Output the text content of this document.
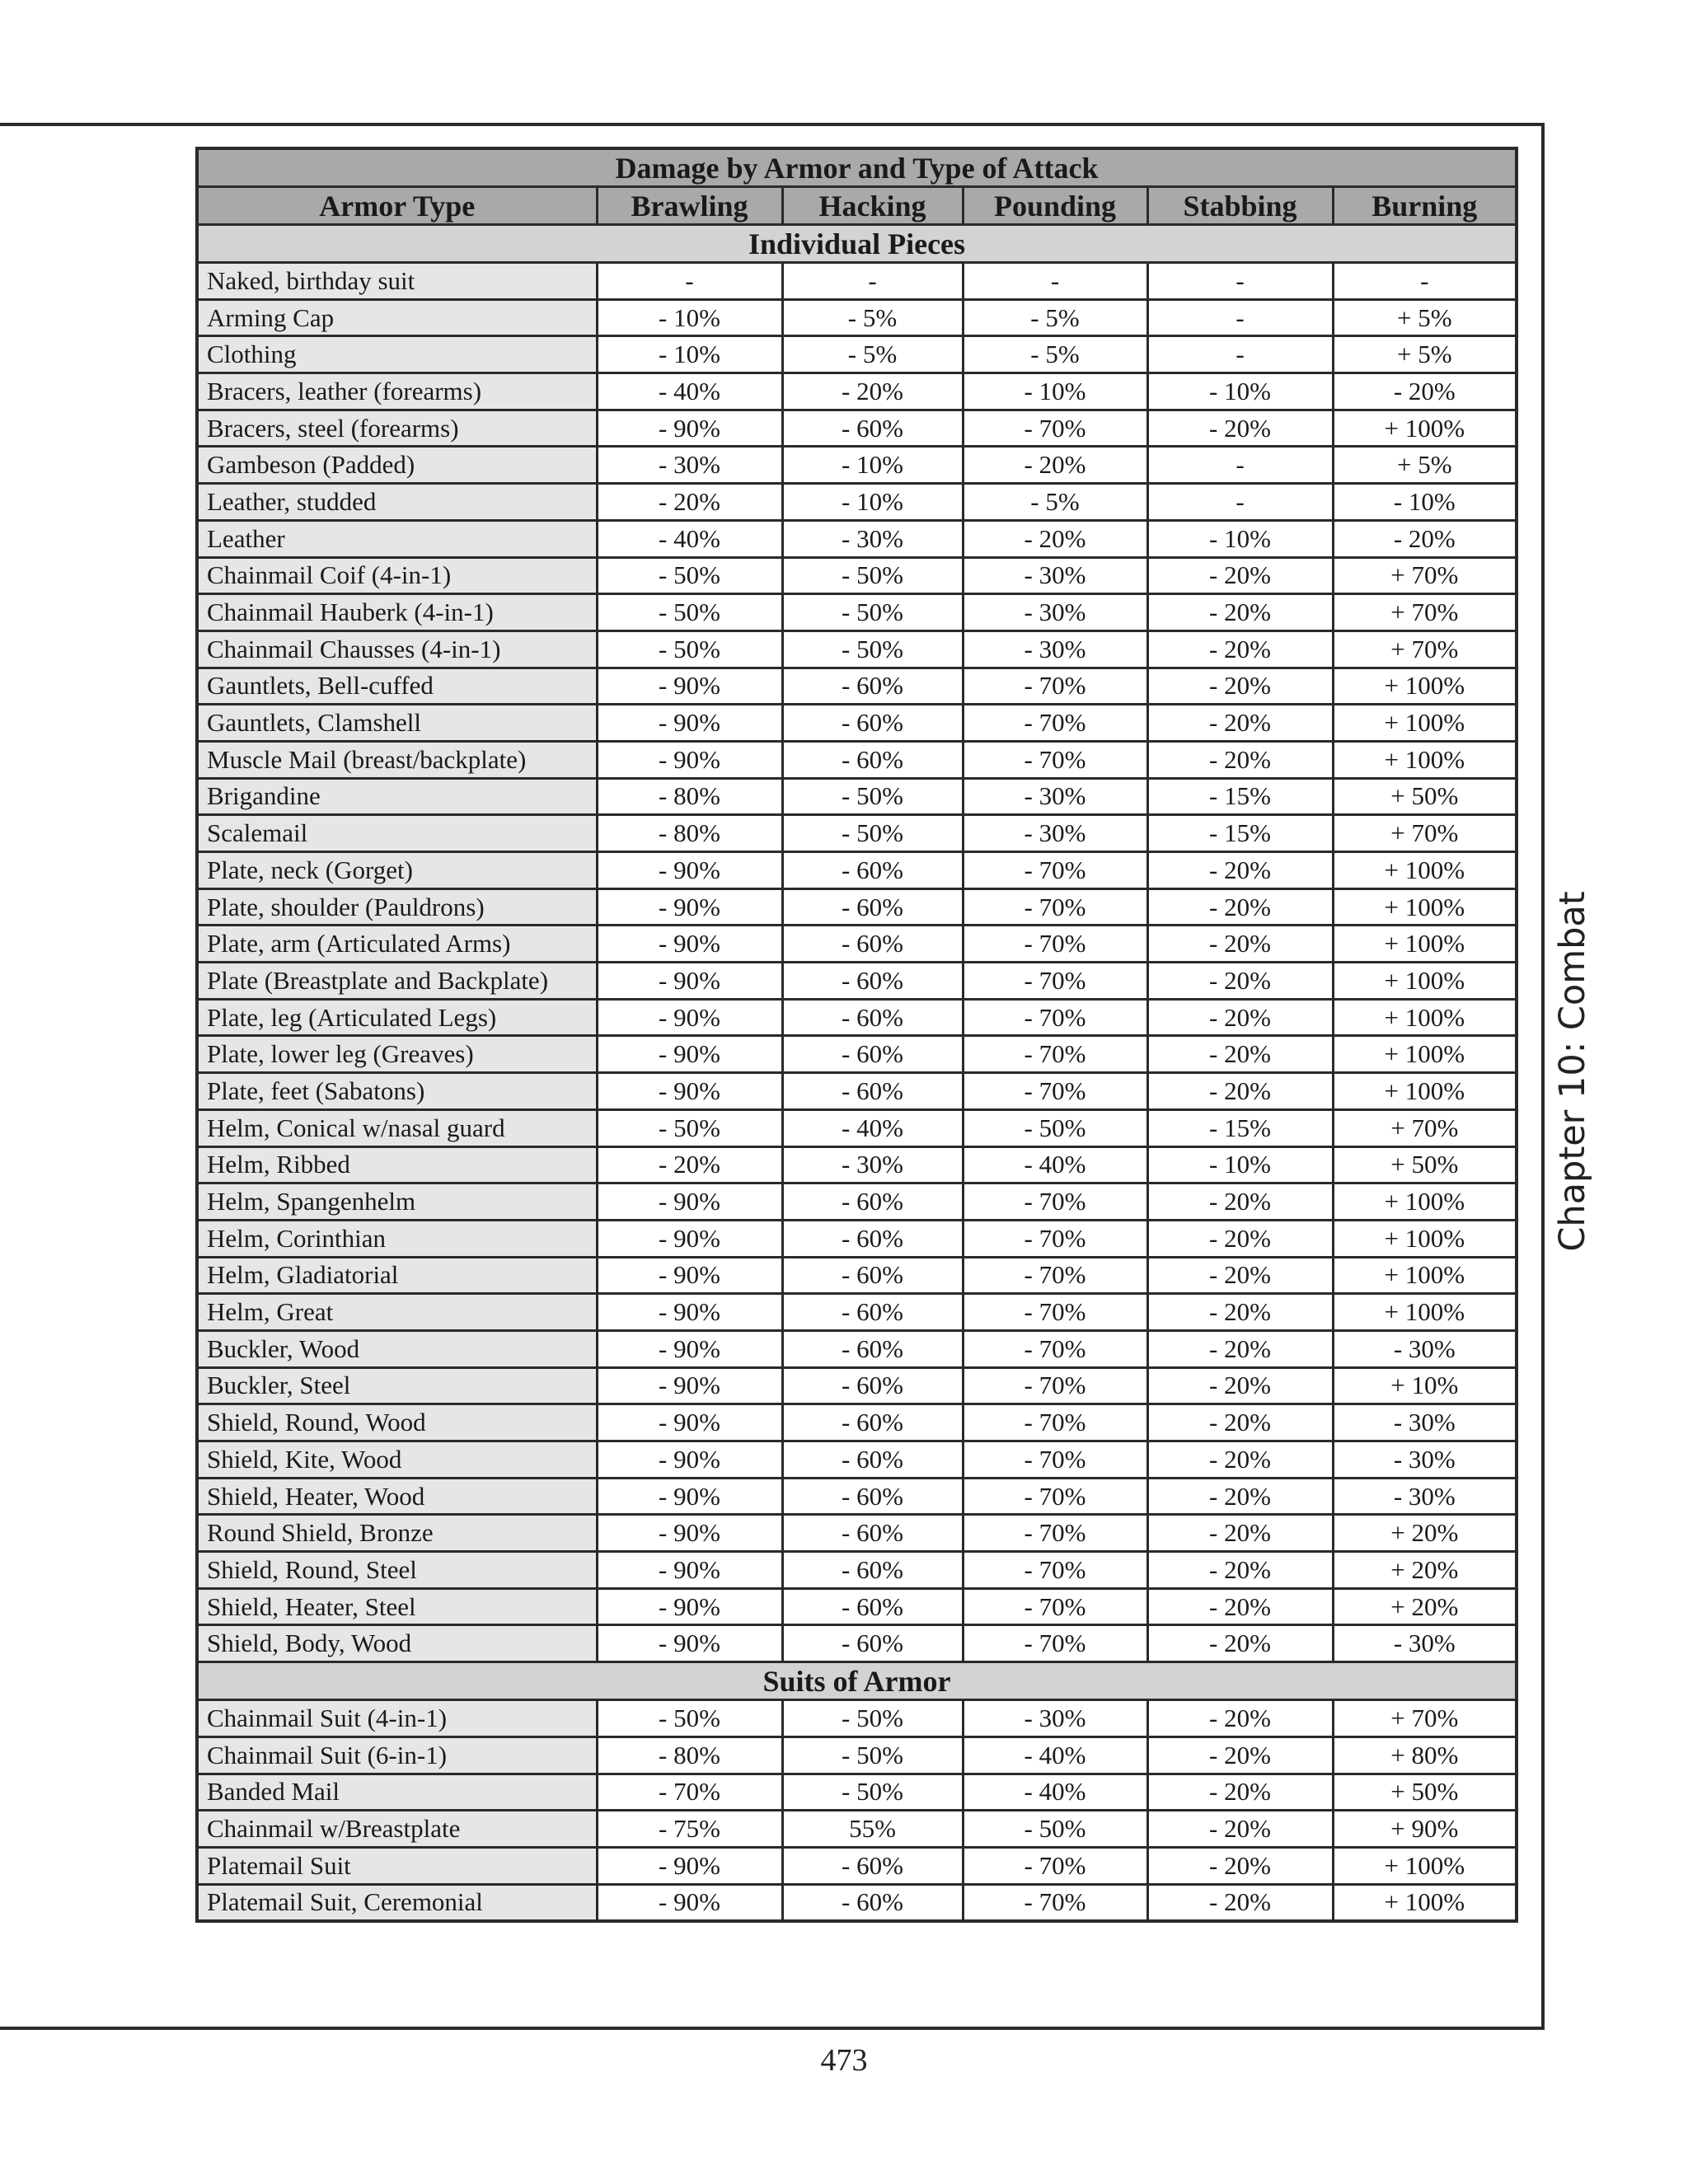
Damage by Armor and Type of Attack					
Armor Type	Brawling	Hacking	Pounding	Stabbing	Burning
Individual Pieces					
Naked, birthday suit	-	-	-	-	-
Arming Cap	- 10%	- 5%	- 5%	-	+ 5%
Clothing	- 10%	- 5%	- 5%	-	+ 5%
Bracers, leather (forearms)	- 40%	- 20%	- 10%	- 10%	- 20%
Bracers, steel (forearms)	- 90%	- 60%	- 70%	- 20%	+ 100%
Gambeson (Padded)	- 30%	- 10%	- 20%	-	+ 5%
Leather, studded	- 20%	- 10%	- 5%	-	- 10%
Leather	- 40%	- 30%	- 20%	- 10%	- 20%
Chainmail Coif (4-in-1)	- 50%	- 50%	- 30%	- 20%	+ 70%
Chainmail Hauberk (4-in-1)	- 50%	- 50%	- 30%	- 20%	+ 70%
Chainmail Chausses (4-in-1)	- 50%	- 50%	- 30%	- 20%	+ 70%
Gauntlets, Bell-cuffed	- 90%	- 60%	- 70%	- 20%	+ 100%
Gauntlets, Clamshell	- 90%	- 60%	- 70%	- 20%	+ 100%
Muscle Mail (breast/backplate)	- 90%	- 60%	- 70%	- 20%	+ 100%
Brigandine	- 80%	- 50%	- 30%	- 15%	+ 50%
Scalemail	- 80%	- 50%	- 30%	- 15%	+ 70%
Plate, neck (Gorget)	- 90%	- 60%	- 70%	- 20%	+ 100%
Plate, shoulder (Pauldrons)	- 90%	- 60%	- 70%	- 20%	+ 100%
Plate, arm (Articulated Arms)	- 90%	- 60%	- 70%	- 20%	+ 100%
Plate (Breastplate and Backplate)	- 90%	- 60%	- 70%	- 20%	+ 100%
Plate, leg (Articulated Legs)	- 90%	- 60%	- 70%	- 20%	+ 100%
Plate, lower leg (Greaves)	- 90%	- 60%	- 70%	- 20%	+ 100%
Plate, feet (Sabatons)	- 90%	- 60%	- 70%	- 20%	+ 100%
Helm, Conical w/nasal guard	- 50%	- 40%	- 50%	- 15%	+ 70%
Helm, Ribbed	- 20%	- 30%	- 40%	- 10%	+ 50%
Helm, Spangenhelm	- 90%	- 60%	- 70%	- 20%	+ 100%
Helm, Corinthian	- 90%	- 60%	- 70%	- 20%	+ 100%
Helm, Gladiatorial	- 90%	- 60%	- 70%	- 20%	+ 100%
Helm, Great	- 90%	- 60%	- 70%	- 20%	+ 100%
Buckler, Wood	- 90%	- 60%	- 70%	- 20%	- 30%
Buckler, Steel	- 90%	- 60%	- 70%	- 20%	+ 10%
Shield, Round, Wood	- 90%	- 60%	- 70%	- 20%	- 30%
Shield, Kite, Wood	- 90%	- 60%	- 70%	- 20%	- 30%
Shield, Heater, Wood	- 90%	- 60%	- 70%	- 20%	- 30%
Round Shield, Bronze	- 90%	- 60%	- 70%	- 20%	+ 20%
Shield, Round, Steel	- 90%	- 60%	- 70%	- 20%	+ 20%
Shield, Heater, Steel	- 90%	- 60%	- 70%	- 20%	+ 20%
Shield, Body, Wood	- 90%	- 60%	- 70%	- 20%	- 30%
Suits of Armor					
Chainmail Suit (4-in-1)	- 50%	- 50%	- 30%	- 20%	+ 70%
Chainmail Suit (6-in-1)	- 80%	- 50%	- 40%	- 20%	+ 80%
Banded Mail	- 70%	- 50%	- 40%	- 20%	+ 50%
Chainmail w/Breastplate	- 75%	55%	- 50%	- 20%	+ 90%
Platemail Suit	- 90%	- 60%	- 70%	- 20%	+ 100%
Platemail Suit, Ceremonial	- 90%	- 60%	- 70%	- 20%	+ 100%
Chapter 10: Combat
473
